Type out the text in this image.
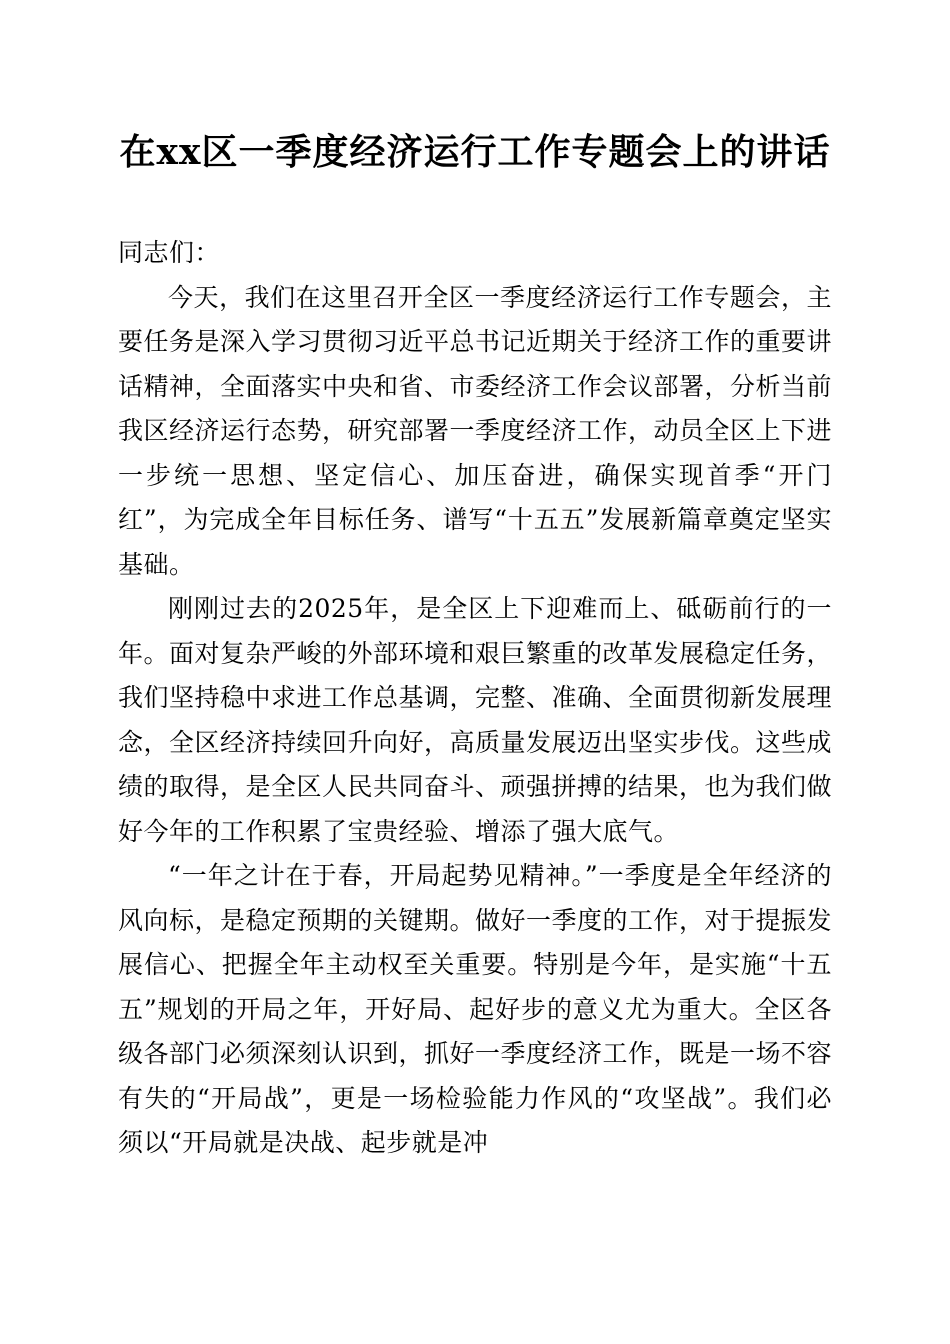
在xx区一季度经济运行工作专题会上的讲话

同志们：

今天，我们在这里召开全区一季度经济运行工作专题会，主要任务是深入学习贯彻习近平总书记近期关于经济工作的重要讲话精神，全面落实中央和省、市委经济工作会议部署，分析当前我区经济运行态势，研究部署一季度经济工作，动员全区上下进一步统一思想、坚定信心、加压奋进，确保实现首季“开门红”，为完成全年目标任务、谱写“十五五”发展新篇章奠定坚实基础。

刚刚过去的2025年，是全区上下迎难而上、砥砺前行的一年。面对复杂严峻的外部环境和艰巨繁重的改革发展稳定任务，我们坚持稳中求进工作总基调，完整、准确、全面贯彻新发展理念，全区经济持续回升向好，高质量发展迈出坚实步伐。这些成绩的取得，是全区人民共同奋斗、顽强拼搏的结果，也为我们做好今年的工作积累了宝贵经验、增添了强大底气。

“一年之计在于春，开局起势见精神。”一季度是全年经济的风向标，是稳定预期的关键期。做好一季度的工作，对于提振发展信心、把握全年主动权至关重要。特别是今年，是实施“十五五”规划的开局之年，开好局、起好步的意义尤为重大。全区各级各部门必须深刻认识到，抓好一季度经济工作，既是一场不容有失的“开局战”，更是一场检验能力作风的“攻坚战”。我们必须以“开局就是决战、起步就是冲
